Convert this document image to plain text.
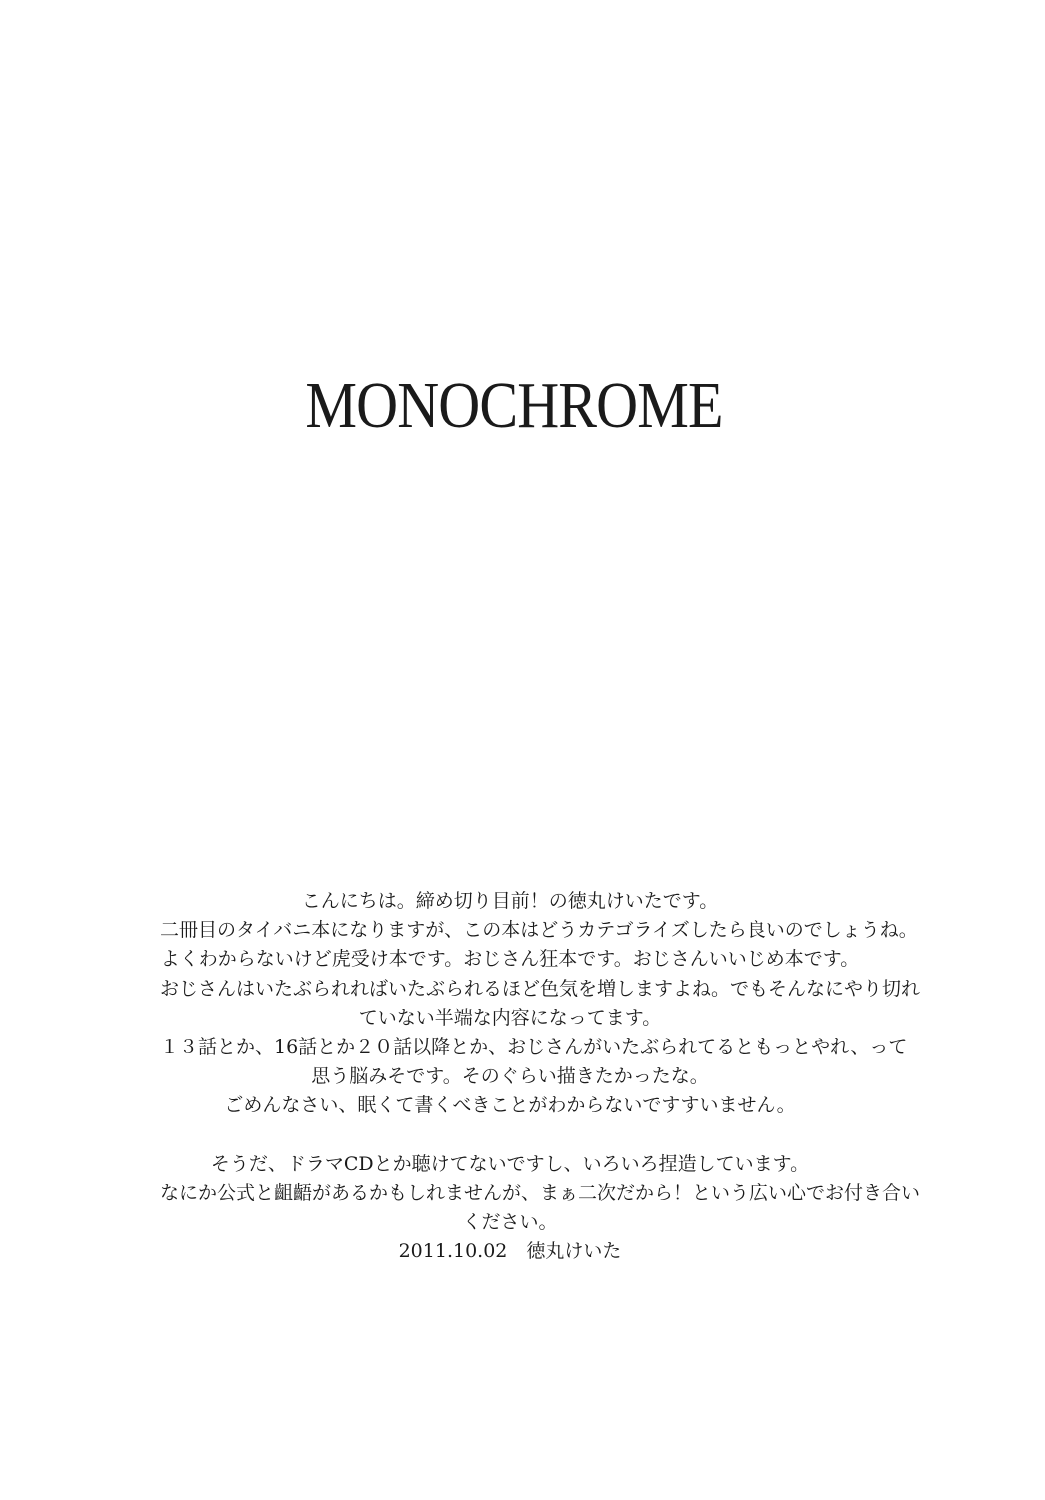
MONOCHROME

こんにちは。締め切り目前！の徳丸けいたです。

二冊目のタイバニ本になりますが、この本はどうカテゴライズしたら良いのでしょうね。

よくわからないけど虎受け本です。おじさん狂本です。おじさんいいじめ本です。

おじさんはいたぶられればいたぶられるほど色気を増しますよね。でもそんなにやり切れ

ていない半端な内容になってます。

１３話とか、16話とか２０話以降とか、おじさんがいたぶられてるともっとやれ、って

思う脳みそです。そのぐらい描きたかったな。

ごめんなさい、眠くて書くべきことがわからないですすいません。

そうだ、ドラマCDとか聴けてないですし、いろいろ捏造しています。

なにか公式と齟齬があるかもしれませんが、まぁ二次だから！という広い心でお付き合い

ください。

2011.10.02　徳丸けいた
